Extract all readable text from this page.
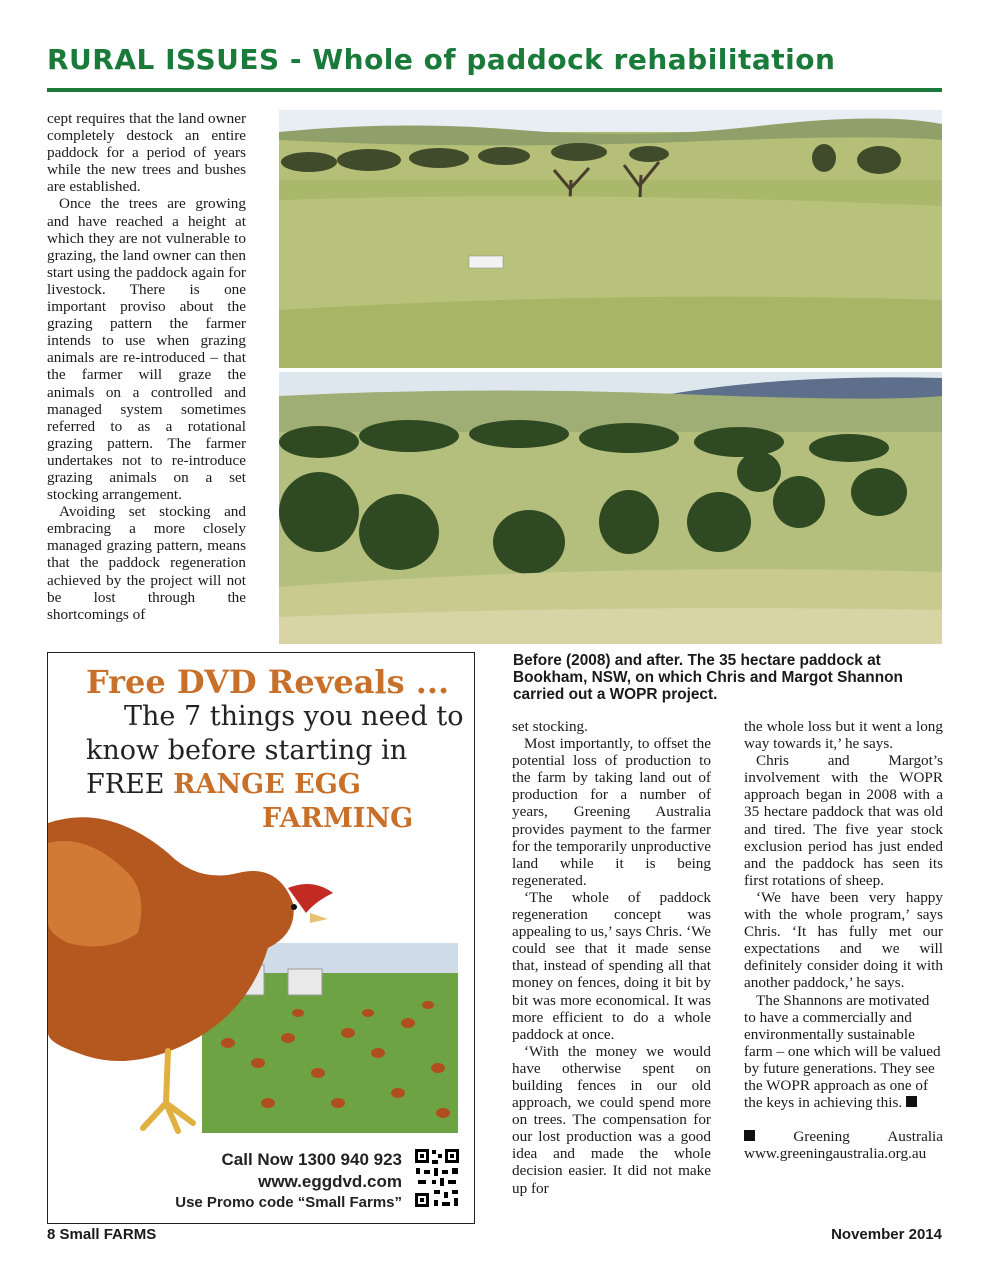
RURAL ISSUES - Whole of paddock rehabilitation

cept requires that the land owner completely destock an entire paddock for a period of years while the new trees and bushes are established.

Once the trees are growing and have reached a height at which they are not vulnerable to grazing, the land owner can then start using the paddock again for livestock. There is one important proviso about the grazing pattern the farmer intends to use when grazing animals are re-introduced – that the farmer will graze the animals on a controlled and managed system sometimes referred to as a rotational grazing pattern. The farmer undertakes not to re-introduce grazing animals on a set stocking arrangement.

Avoiding set stocking and embracing a more closely managed grazing pattern, means that the paddock regeneration achieved by the project will not be lost through the shortcomings of

Before (2008) and after. The 35 hectare paddock at Bookham, NSW, on which Chris and Margot Shannon carried out a WOPR project.
Free DVD Reveals ...
The 7 things you need to
know before starting in
FREE RANGE EGG
FARMING
Call Now 1300 940 923
www.eggdvd.com
Use Promo code “Small Farms”

set stocking.

Most importantly, to offset the potential loss of production to the farm by taking land out of production for a number of years, Greening Australia provides payment to the farmer for the temporarily unproductive land while it is being regenerated.

‘The whole of paddock regeneration concept was appealing to us,’ says Chris. ‘We could see that it made sense that, instead of spending all that money on fences, doing it bit by bit was more economical. It was more efficient to do a whole paddock at once.

‘With the money we would have otherwise spent on building fences in our old approach, we could spend more on trees. The compensation for our lost production was a good idea and made the whole decision easier. It did not make up for

the whole loss but it went a long way towards it,’ he says.

Chris and Margot’s involvement with the WOPR approach began in 2008 with a 35 hectare paddock that was old and tired. The five year stock exclusion period has just ended and the paddock has seen its first rotations of sheep.

‘We have been very happy with the whole program,’ says Chris. ‘It has fully met our expectations and we will definitely consider doing it with another paddock,’ he says.

The Shannons are motivated to have a commercially and environmentally sustainable farm – one which will be valued by future generations. They see the WOPR approach as one of the keys in achieving this.

Greening Australia

www.greeningaustralia.org.au

8 Small FARMS	November 2014
